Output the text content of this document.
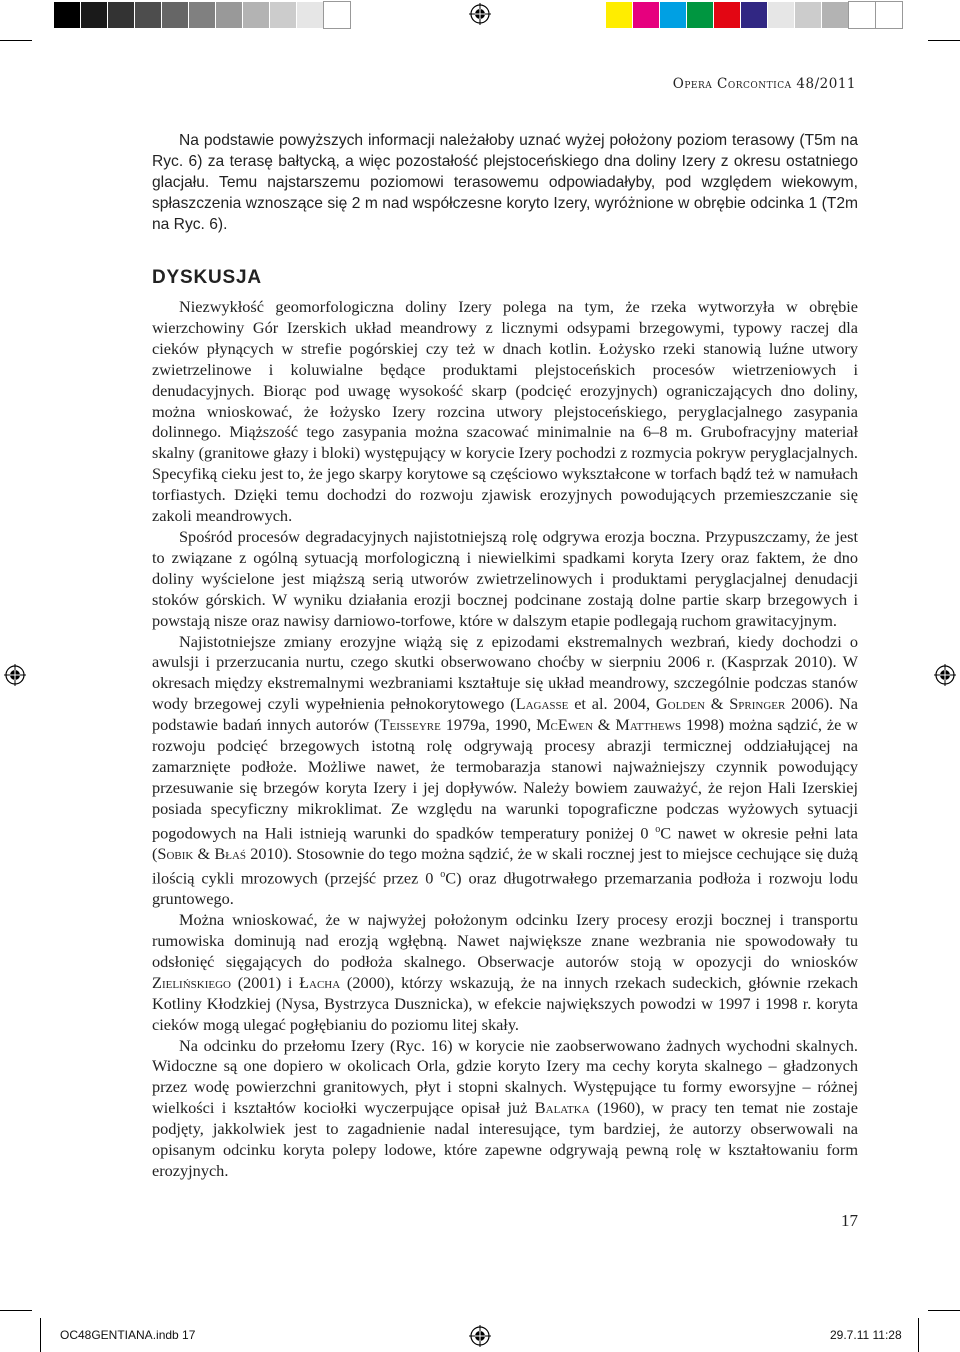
Opera Corcontica 48/2011

Na podstawie powyższych informacji należałoby uznać wyżej położony poziom terasowy (T5m na Ryc. 6) za terasę bałtycką, a więc pozostałość plejstoceńskiego dna doliny Izery z okresu ostatniego glacjału. Temu najstarszemu poziomowi terasowemu odpowiadałyby, pod względem wiekowym, spłaszczenia wznoszące się 2 m nad współczesne koryto Izery, wyróżnione w obrębie odcinka 1 (T2m na Ryc. 6).

DYSKUSJA

Niezwykłość geomorfologiczna doliny Izery polega na tym, że rzeka wytworzyła w obrębie wierzchowiny Gór Izerskich układ meandrowy z licznymi odsypami brzegowymi, typowy raczej dla cieków płynących w strefie pogórskiej czy też w dnach kotlin. Łożysko rzeki stanowią luźne utwory zwietrzelinowe i koluwialne będące produktami plejstoceńskich procesów wietrzeniowych i denudacyjnych. Biorąc pod uwagę wysokość skarp (podcięć erozyjnych) ograniczających dno doliny, można wnioskować, że łożysko Izery rozcina utwory plejstoceńskiego, peryglacjalnego zasypania dolinnego. Miąższość tego zasypania można szacować minimalnie na 6–8 m. Grubofracyjny materiał skalny (granitowe głazy i bloki) występujący w korycie Izery pochodzi z rozmycia pokryw peryglacjalnych. Specyfiką cieku jest to, że jego skarpy korytowe są częściowo wykształcone w torfach bądź też w namułach torfiastych. Dzięki temu dochodzi do rozwoju zjawisk erozyjnych powodujących przemieszczanie się zakoli meandrowych.

Spośród procesów degradacyjnych najistotniejszą rolę odgrywa erozja boczna. Przypuszczamy, że jest to związane z ogólną sytuacją morfologiczną i niewielkimi spadkami koryta Izery oraz faktem, że dno doliny wyścielone jest miąższą serią utworów zwietrzelinowych i produktami peryglacjalnej denudacji stoków górskich. W wyniku działania erozji bocznej podcinane zostają dolne partie skarp brzegowych i powstają nisze oraz nawisy darniowo-torfowe, które w dalszym etapie podlegają ruchom grawitacyjnym.

Najistotniejsze zmiany erozyjne wiążą się z epizodami ekstremalnych wezbrań, kiedy dochodzi o awulsji i przerzucania nurtu, czego skutki obserwowano choćby w sierpniu 2006 r. (Kasprzak 2010). W okresach między ekstremalnymi wezbraniami kształtuje się układ meandrowy, szczególnie podczas stanów wody brzegowej czyli wypełnienia pełnokorytowego (Lagasse et al. 2004, Golden & Springer 2006). Na podstawie badań innych autorów (Teisseyre 1979a, 1990, McEwen & Matthews 1998) można sądzić, że w rozwoju podcięć brzegowych istotną rolę odgrywają procesy abrazji termicznej oddziałującej na zamarznięte podłoże. Możliwe nawet, że termobarazja stanowi najważniejszy czynnik powodujący przesuwanie się brzegów koryta Izery i jej dopływów. Należy bowiem zauważyć, że rejon Hali Izerskiej posiada specyficzny mikroklimat. Ze względu na warunki topograficzne podczas wyżowych sytuacji pogodowych na Hali istnieją warunki do spadków temperatury poniżej 0 $^o$C nawet w okresie pełni lata (Sobik & Błaś 2010). Stosownie do tego można sądzić, że w skali rocznej jest to miejsce cechujące się dużą ilością cykli mrozowych (przejść przez 0 $^o$C) oraz długotrwałego przemarzania podłoża i rozwoju lodu gruntowego.

Można wnioskować, że w najwyżej położonym odcinku Izery procesy erozji bocznej i transportu rumowiska dominują nad erozją wgłębną. Nawet największe znane wezbrania nie spowodowały tu odsłonięć sięgających do podłoża skalnego. Obserwacje autorów stoją w opozycji do wniosków Zielińskiego (2001) i Łacha (2000), którzy wskazują, że na innych rzekach sudeckich, głównie rzekach Kotliny Kłodzkiej (Nysa, Bystrzyca Dusznicka), w efekcie największych powodzi w 1997 i 1998 r. koryta cieków mogą ulegać pogłębianiu do poziomu litej skały.

Na odcinku do przełomu Izery (Ryc. 16) w korycie nie zaobserwowano żadnych wychodni skalnych. Widoczne są one dopiero w okolicach Orla, gdzie koryto Izery ma cechy koryta skalnego – gładzonych przez wodę powierzchni granitowych, płyt i stopni skalnych. Występujące tu formy eworsyjne – różnej wielkości i kształtów kociołki wyczerpujące opisał już Balatka (1960), w pracy ten temat nie zostaje podjęty, jakkolwiek jest to zagadnienie nadal interesujące, tym bardziej, że autorzy obserwowali na opisanym odcinku koryta polepy lodowe, które zapewne odgrywają pewną rolę w kształtowaniu form erozyjnych.

17
OC48GENTIANA.indb 17	29.7.11 11:28
